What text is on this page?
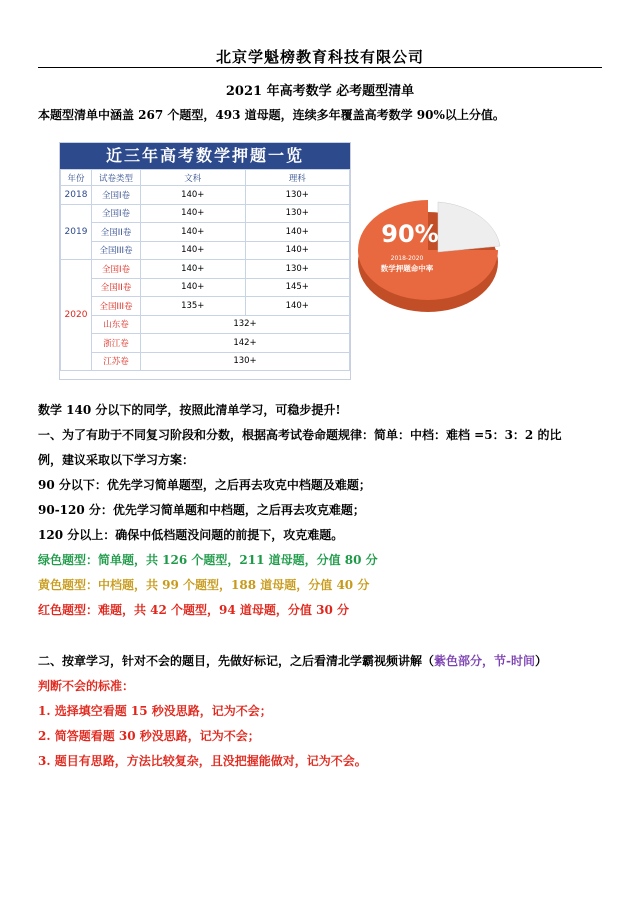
北京学魁榜教育科技有限公司
2021 年高考数学 必考题型清单
本题型清单中涵盖 267 个题型，493 道母题，连续多年覆盖高考数学 90%以上分值。
近三年高考数学押题一览
年份	试卷类型	文科	理科
2018	全国I卷	140+	130+
2019	全国I卷	140+	130+
	全国II卷	140+	140+
	全国III卷	140+	140+
2020	全国I卷	140+	130+
	全国II卷	140+	145+
	全国III卷	135+	140+
	山东卷	132+	
	浙江卷	142+	
	江苏卷	130+	
90%
2018-2020
数学押题命中率
数学 140 分以下的同学，按照此清单学习，可稳步提升!
一、为了有助于不同复习阶段和分数，根据高考试卷命题规律：简单：中档：难档 =5：3：2 的比
例，建议采取以下学习方案：
90 分以下：优先学习简单题型，之后再去攻克中档题及难题；
90-120 分：优先学习简单题和中档题，之后再去攻克难题；
120 分以上：确保中低档题没问题的前提下，攻克难题。
绿色题型：简单题，共 126 个题型，211 道母题，分值 80 分
黄色题型：中档题，共 99 个题型，188 道母题，分值 40 分
红色题型：难题，共 42 个题型，94 道母题，分值 30 分
二、按章学习，针对不会的题目，先做好标记，之后看清北学霸视频讲解（紫色部分，节-时间）
判断不会的标准：
1. 选择填空看题 15 秒没思路，记为不会；
2. 简答题看题 30 秒没思路，记为不会；
3. 题目有思路，方法比较复杂，且没把握能做对，记为不会。
